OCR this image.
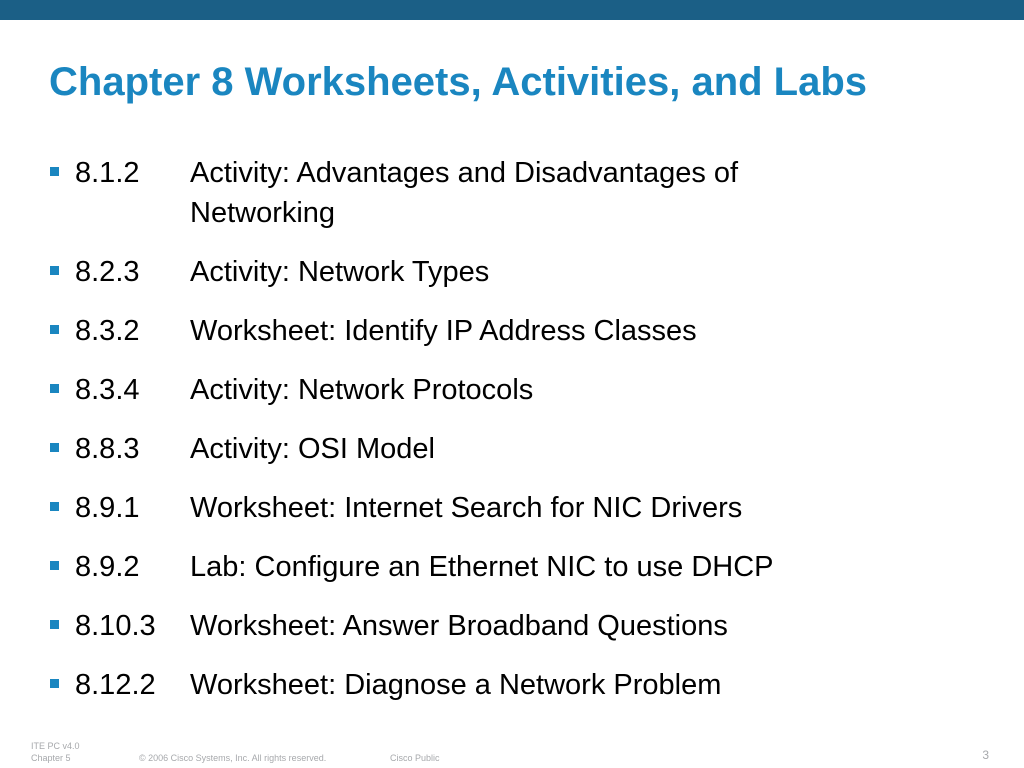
Chapter 8 Worksheets, Activities, and Labs
8.1.2	Activity: Advantages and Disadvantages of Networking
8.2.3	Activity: Network Types
8.3.2	Worksheet: Identify IP Address Classes
8.3.4	Activity: Network Protocols
8.8.3	Activity: OSI Model
8.9.1	Worksheet: Internet Search for NIC Drivers
8.9.2	Lab: Configure an Ethernet NIC to use DHCP
8.10.3	Worksheet: Answer Broadband Questions
8.12.2	Worksheet: Diagnose a Network Problem
ITE PC v4.0
Chapter 5	© 2006 Cisco Systems, Inc. All rights reserved.	Cisco Public	3
